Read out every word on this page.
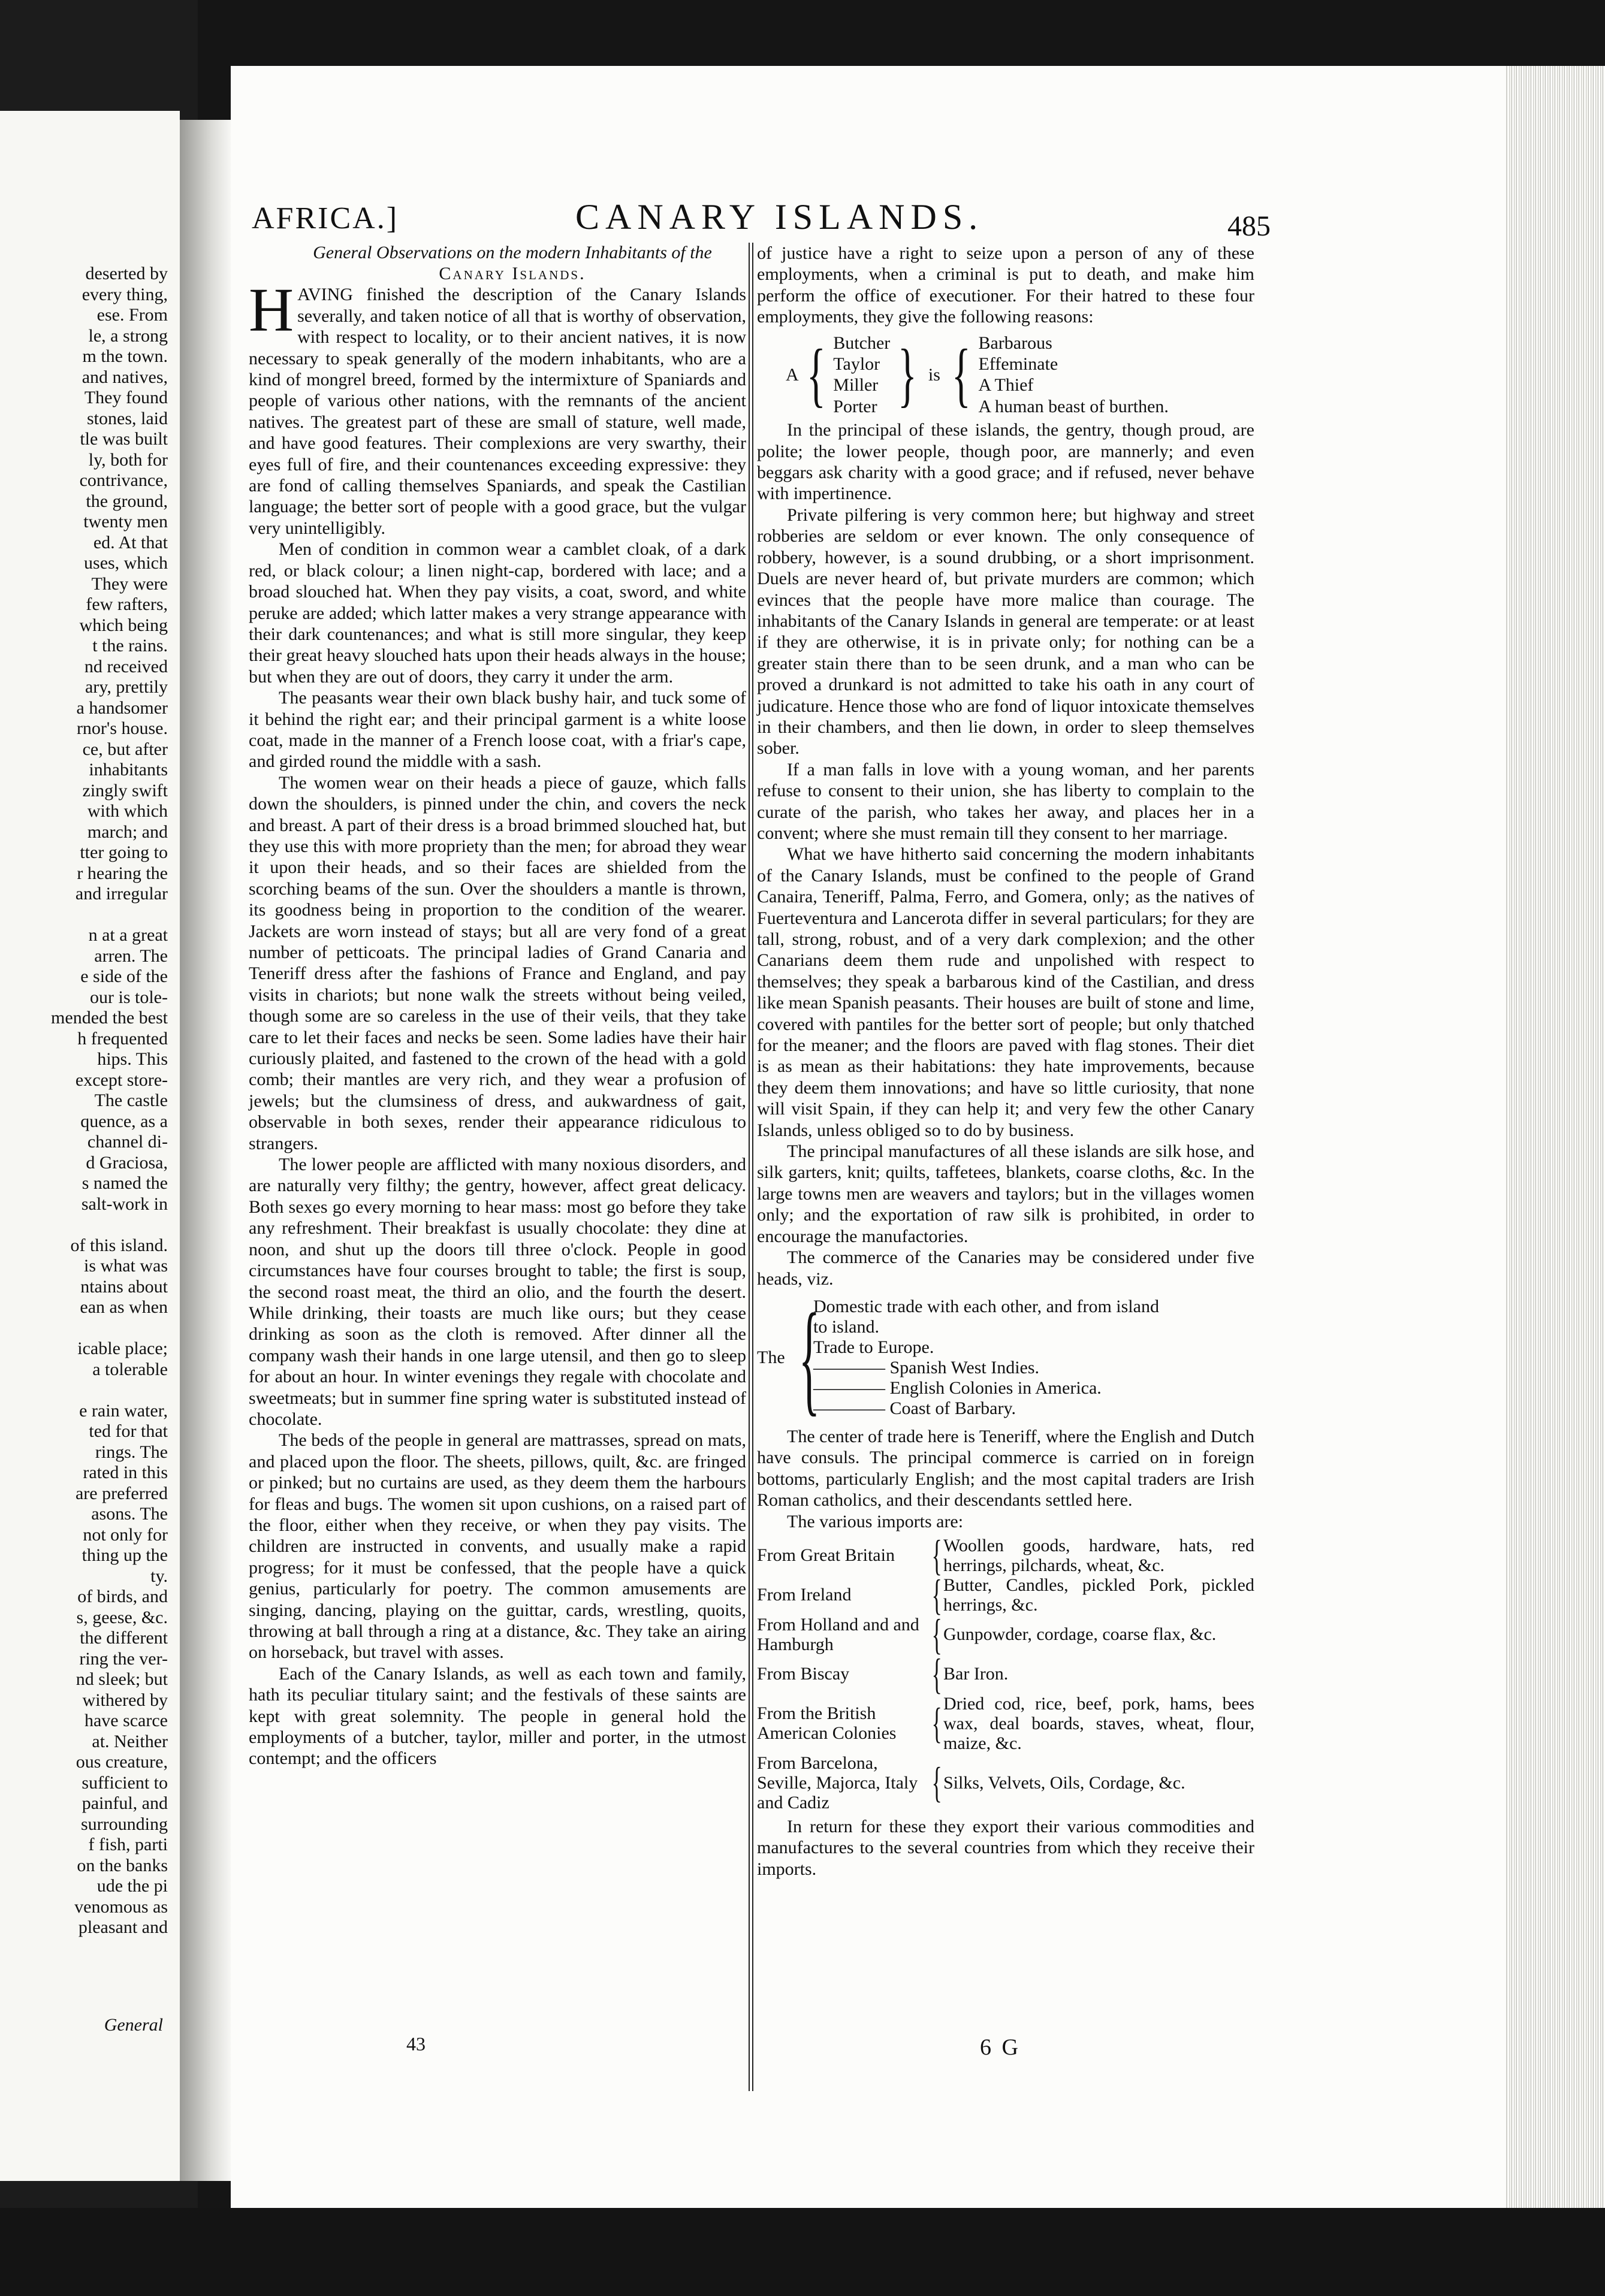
deserted by
every thing,
ese. From
le, a strong
m the town.
and natives,
They found
stones, laid
tle was built
ly, both for
contrivance,
the ground,
twenty men
ed. At that
uses, which
They were
few rafters,
which being
t the rains.
nd received
ary, prettily
a handsomer
rnor's house.
ce, but after
inhabitants
zingly swift
with which
march; and
tter going to
r hearing the
and irregular

n at a great
arren. The
e side of the
our is tole-
mended the best
h frequented
hips. This
except store-
The castle
quence, as a
channel di-
d Graciosa,
s named the
salt-work in

of this island.
is what was
ntains about
ean as when

icable place;
a tolerable

e rain water,
ted for that
rings. The
rated in this
are preferred
asons. The
not only for
thing up the
ty.
of birds, and
s, geese, &c.
the different
ring the ver-
nd sleek; but
withered by
have scarce
at. Neither
ous creature,
sufficient to
painful, and
surrounding
f fish, parti
on the banks
ude the pi
venomous as
pleasant and
General
AFRICA.]	CANARY ISLANDS.	485

General Observations on the modern Inhabitants of the

Canary Islands.

HAVING finished the description of the Canary Islands severally, and taken notice of all that is worthy of observation, with respect to locality, or to their ancient natives, it is now necessary to speak generally of the modern inhabitants, who are a kind of mongrel breed, formed by the intermixture of Spaniards and people of various other nations, with the remnants of the ancient natives. The greatest part of these are small of stature, well made, and have good features. Their complexions are very swarthy, their eyes full of fire, and their countenances exceeding expressive: they are fond of calling themselves Spaniards, and speak the Castilian language; the better sort of people with a good grace, but the vulgar very unintelligibly.

Men of condition in common wear a camblet cloak, of a dark red, or black colour; a linen night-cap, bordered with lace; and a broad slouched hat. When they pay visits, a coat, sword, and white peruke are added; which latter makes a very strange appearance with their dark countenances; and what is still more singular, they keep their great heavy slouched hats upon their heads always in the house; but when they are out of doors, they carry it under the arm.

The peasants wear their own black bushy hair, and tuck some of it behind the right ear; and their principal garment is a white loose coat, made in the manner of a French loose coat, with a friar's cape, and girded round the middle with a sash.

The women wear on their heads a piece of gauze, which falls down the shoulders, is pinned under the chin, and covers the neck and breast. A part of their dress is a broad brimmed slouched hat, but they use this with more propriety than the men; for abroad they wear it upon their heads, and so their faces are shielded from the scorching beams of the sun. Over the shoulders a mantle is thrown, its goodness being in proportion to the condition of the wearer. Jackets are worn instead of stays; but all are very fond of a great number of petticoats. The principal ladies of Grand Canaria and Teneriff dress after the fashions of France and England, and pay visits in chariots; but none walk the streets without being veiled, though some are so careless in the use of their veils, that they take care to let their faces and necks be seen. Some ladies have their hair curiously plaited, and fastened to the crown of the head with a gold comb; their mantles are very rich, and they wear a profusion of jewels; but the clumsiness of dress, and aukwardness of gait, observable in both sexes, render their appearance ridiculous to strangers.

The lower people are afflicted with many noxious disorders, and are naturally very filthy; the gentry, however, affect great delicacy. Both sexes go every morning to hear mass: most go before they take any refreshment. Their breakfast is usually chocolate: they dine at noon, and shut up the doors till three o'clock. People in good circumstances have four courses brought to table; the first is soup, the second roast meat, the third an olio, and the fourth the desert. While drinking, their toasts are much like ours; but they cease drinking as soon as the cloth is removed. After dinner all the company wash their hands in one large utensil, and then go to sleep for about an hour. In winter evenings they regale with chocolate and sweetmeats; but in summer fine spring water is substituted instead of chocolate.

The beds of the people in general are mattrasses, spread on mats, and placed upon the floor. The sheets, pillows, quilt, &c. are fringed or pinked; but no curtains are used, as they deem them the harbours for fleas and bugs. The women sit upon cushions, on a raised part of the floor, either when they receive, or when they pay visits. The children are instructed in convents, and usually make a rapid progress; for it must be confessed, that the people have a quick genius, particularly for poetry. The common amusements are singing, dancing, playing on the guittar, cards, wrestling, quoits, throwing at ball through a ring at a distance, &c. They take an airing on horseback, but travel with asses.

Each of the Canary Islands, as well as each town and family, hath its peculiar titulary saint; and the festivals of these saints are kept with great solemnity. The people in general hold the employments of a butcher, taylor, miller and porter, in the utmost contempt; and the officers

of justice have a right to seize upon a person of any of these employments, when a criminal is put to death, and make him perform the office of executioner. For their hatred to these four employments, they give the following reasons:

A { Butcher
Taylor
Miller
Porter } is { Barbarous
Effeminate
A Thief
A human beast of burthen.

In the principal of these islands, the gentry, though proud, are polite; the lower people, though poor, are mannerly; and even beggars ask charity with a good grace; and if refused, never behave with impertinence.

Private pilfering is very common here; but highway and street robberies are seldom or ever known. The only consequence of robbery, however, is a sound drubbing, or a short imprisonment. Duels are never heard of, but private murders are common; which evinces that the people have more malice than courage. The inhabitants of the Canary Islands in general are temperate: or at least if they are otherwise, it is in private only; for nothing can be a greater stain there than to be seen drunk, and a man who can be proved a drunkard is not admitted to take his oath in any court of judicature. Hence those who are fond of liquor intoxicate themselves in their chambers, and then lie down, in order to sleep themselves sober.

If a man falls in love with a young woman, and her parents refuse to consent to their union, she has liberty to complain to the curate of the parish, who takes her away, and places her in a convent; where she must remain till they consent to her marriage.

What we have hitherto said concerning the modern inhabitants of the Canary Islands, must be confined to the people of Grand Canaira, Teneriff, Palma, Ferro, and Gomera, only; as the natives of Fuerteventura and Lancerota differ in several particulars; for they are tall, strong, robust, and of a very dark complexion; and the other Canarians deem them rude and unpolished with respect to themselves; they speak a barbarous kind of the Castilian, and dress like mean Spanish peasants. Their houses are built of stone and lime, covered with pantiles for the better sort of people; but only thatched for the meaner; and the floors are paved with flag stones. Their diet is as mean as their habitations: they hate improvements, because they deem them innovations; and have so little curiosity, that none will visit Spain, if they can help it; and very few the other Canary Islands, unless obliged so to do by business.

The principal manufactures of all these islands are silk hose, and silk garters, knit; quilts, taffetees, blankets, coarse cloths, &c. In the large towns men are weavers and taylors; but in the villages women only; and the exportation of raw silk is prohibited, in order to encourage the manufactories.

The commerce of the Canaries may be considered under five heads, viz.

The {
Domestic trade with each other, and from island
to island.
Trade to Europe.
———— Spanish West Indies.
———— English Colonies in America.
———— Coast of Barbary.

The center of trade here is Teneriff, where the English and Dutch have consuls. The principal commerce is carried on in foreign bottoms, particularly English; and the most capital traders are Irish Roman catholics, and their descendants settled here.

The various imports are:

From Great Britain { Woollen goods, hardware, hats, red herrings, pilchards, wheat, &c.
From Ireland	{ Butter, Candles, pickled Pork, pickled herrings, &c.
From Holland and and Hamburgh	{ Gunpowder, cordage, coarse flax, &c.
From Biscay	{ Bar Iron.
From the British American Colonies { Dried cod, rice, beef, pork, hams, bees wax, deal boards, staves, wheat, flour, maize, &c.
From Barcelona, Seville, Majorca, Italy and Cadiz	{ Silks, Velvets, Oils, Cordage, &c.

In return for these they export their various commodities and manufactures to the several countries from which they receive their imports.

43	6 G
